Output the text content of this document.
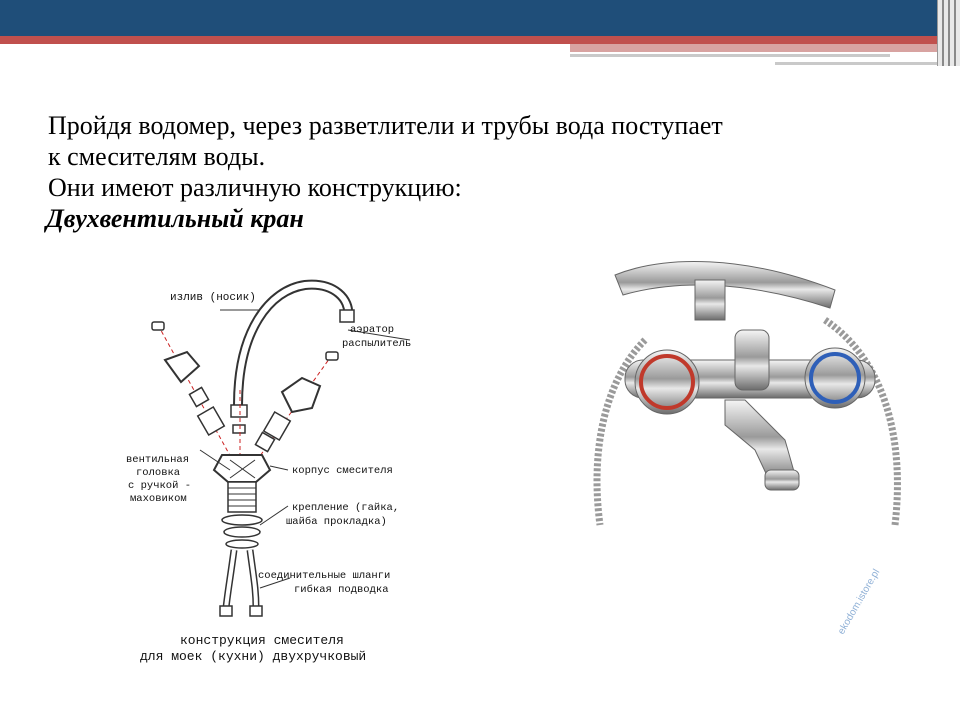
Пройдя водомер, через разветлители и трубы вода поступает

к смесителям воды.

Они имеют различную конструкцию:

Двухвентильный кран

излив (носик)
аэратор
распылитель
вентильная
головка
с ручкой -
маховиком
корпус смесителя
крепление (гайка,
шайба прокладка)
соединительные шланги
гибкая подводка
конструкция смесителя
для моек (кухни) двухручковый
ekodom.istore.pl
